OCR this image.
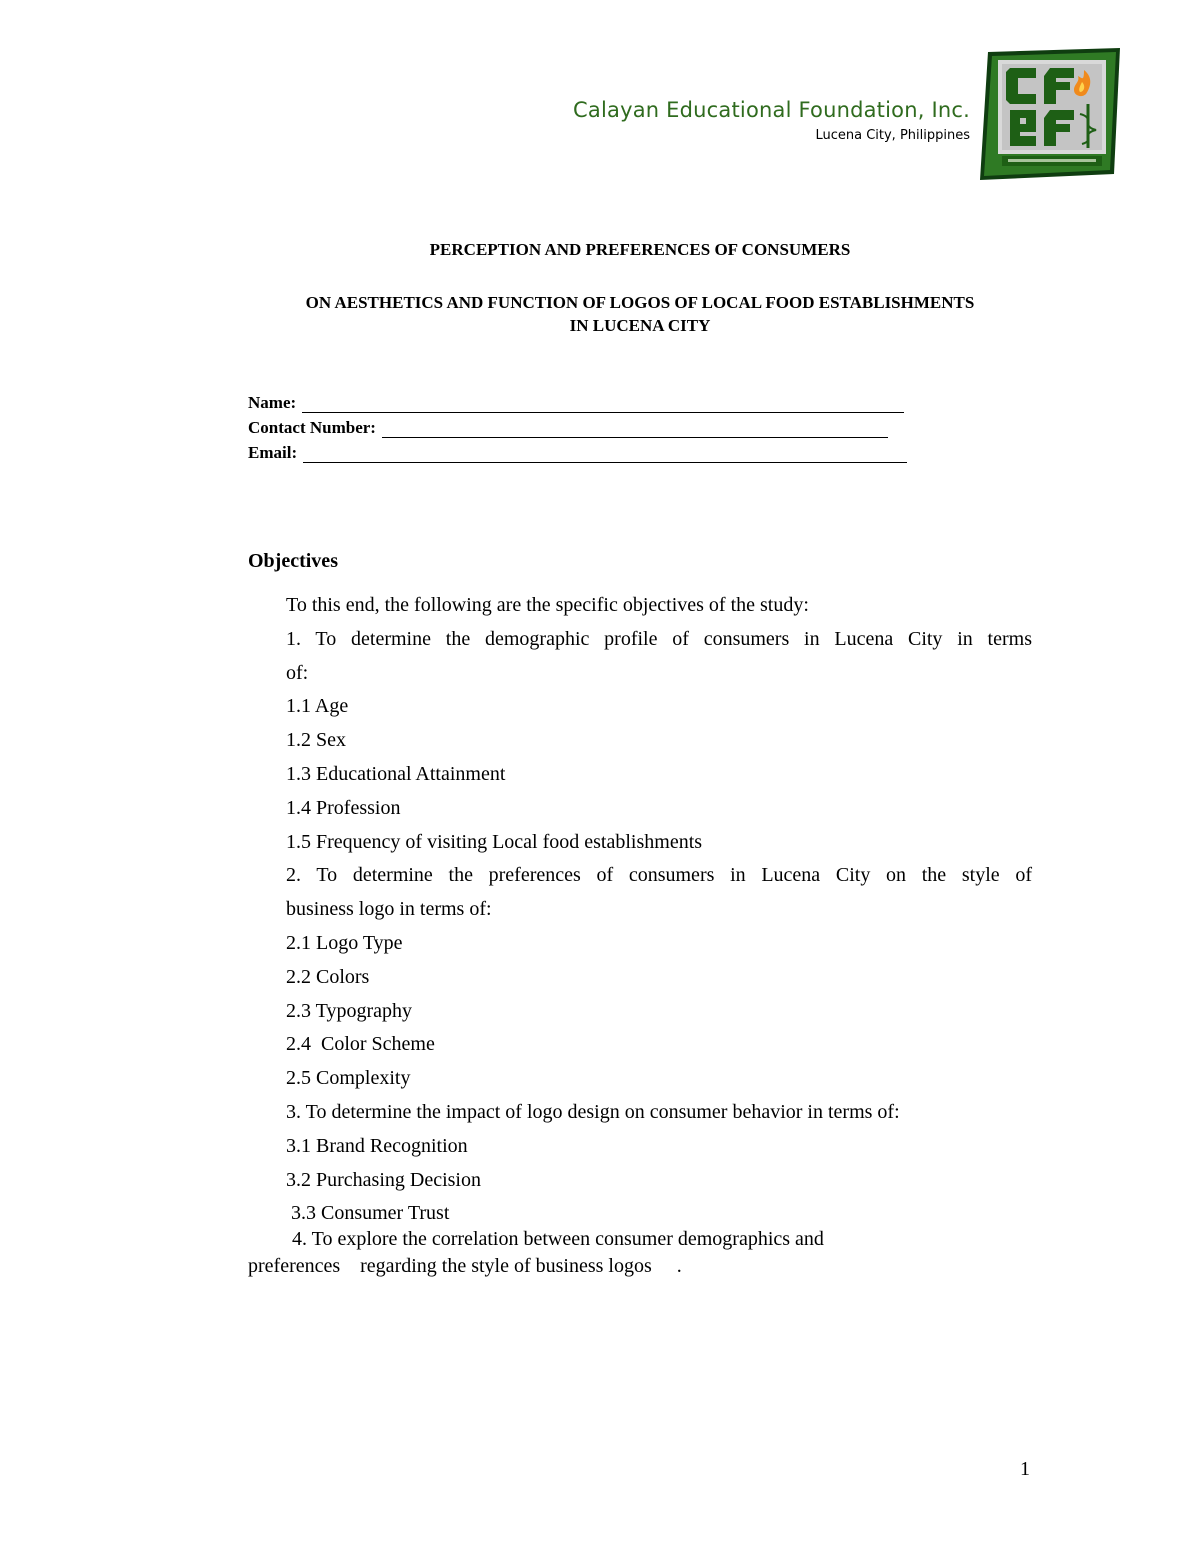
Calayan Educational Foundation, Inc.
Lucena City, Philippines
PERCEPTION AND PREFERENCES OF CONSUMERS
ON AESTHETICS AND FUNCTION OF LOGOS OF LOCAL FOOD ESTABLISHMENTS
IN LUCENA CITY
Name:
Contact Number:
Email:
Objectives
To this end, the following are the specific objectives of the study:
1. To determine the demographic profile of consumers in Lucena City in terms
of:
1.1 Age
1.2 Sex
1.3 Educational Attainment
1.4 Profession
1.5 Frequency of visiting Local food establishments
2. To determine the preferences of consumers in Lucena City on the style of
business logo in terms of:
2.1 Logo Type
2.2 Colors
2.3 Typography
2.4  Color Scheme
2.5 Complexity
3. To determine the impact of logo design on consumer behavior in terms of:
3.1 Brand Recognition
3.2 Purchasing Decision
3.3 Consumer Trust
4. To explore the correlation between consumer demographics and
preferences    regarding the style of business logos     .
1
